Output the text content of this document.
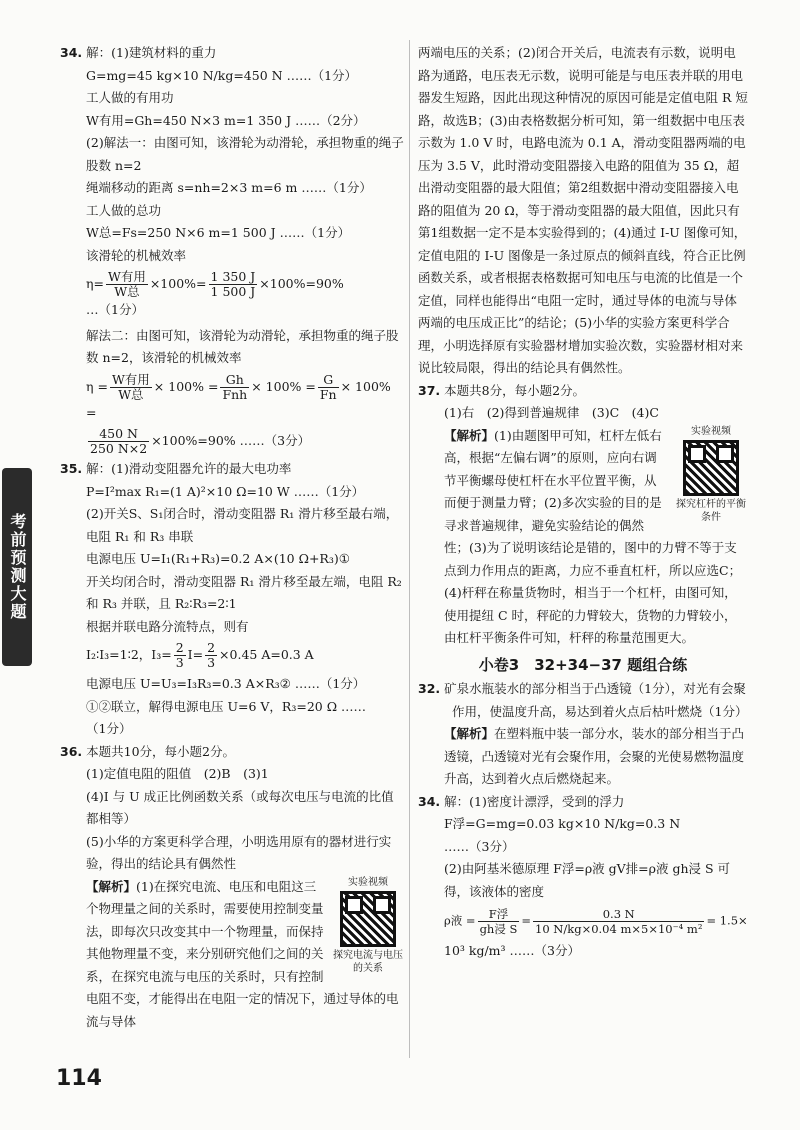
考前预测大题

34. 解：(1)建筑材料的重力

G=mg=45 kg×10 N/kg=450 N ……（1分）

工人做的有用功

W有用=Gh=450 N×3 m=1 350 J ……（2分）

(2)解法一：由图可知，该滑轮为动滑轮，承担物重的绳子股数 n=2

绳端移动的距离 s=nh=2×3 m=6 m ……（1分）

工人做的总功

W总=Fs=250 N×6 m=1 500 J ……（1分）

该滑轮的机械效率

$\eta= \frac{\text{W有用}}{\text{W总}} \times 100\%= \frac{1 350 J}{1 500 J} \times 100\%=90\%$ …（1分）

解法二：由图可知，该滑轮为动滑轮，承担物重的绳子股数 n=2，该滑轮的机械效率

$\eta = \frac{\text{W有用}}{\text{W总}} \times 100\% = \frac{Gh}{\text{Fnh}} \times 100\% = \frac{G}{Fn} \times 100\%$ =

$\frac{450 N}{250 N\times 2} \times 100\%=90\%$ ……（3分）

35. 解：(1)滑动变阻器允许的最大电功率

P=I²max R₁=(1 A)²×10 Ω=10 W ……（1分）

(2)开关S、S₁闭合时，滑动变阻器 R₁ 滑片移至最右端，电阻 R₁ 和 R₃ 串联

电源电压 U=I₁(R₁+R₃)=0.2 A×(10 Ω+R₃)①

开关均闭合时，滑动变阻器 R₁ 滑片移至最左端，电阻 R₂ 和 R₃ 并联，且 R₂∶R₃=2∶1

根据并联电路分流特点，则有

I₂∶I₃=1∶2，$I_3= \frac{2}{3} I= \frac{2}{3} \times 0.45$ A=0.3 A

电源电压 U=U₃=I₃R₃=0.3 A×R₃② ……（1分）

①②联立，解得电源电压 U=6 V，R₃=20 Ω …… （1分）

36. 本题共10分，每小题2分。

(1)定值电阻的阻值　(2)B　(3)1

(4)I 与 U 成正比例函数关系（或每次电压与电流的比值都相等）

(5)小华的方案更科学合理，小明选用原有的器材进行实验，得出的结论具有偶然性

实验视频
探究电流与电压的关系
【解析】(1)在探究电流、电压和电阻这三个物理量之间的关系时，需要使用控制变量法，即每次只改变其中一个物理量，而保持其他物理量不变，来分别研究他们之间的关系，在探究电流与电压的关系时，只有控制电阻不变，才能得出在电阻一定的情况下，通过导体的电流与导体

两端电压的关系；(2)闭合开关后，电流表有示数，说明电路为通路，电压表无示数，说明可能是与电压表并联的用电器发生短路，因此出现这种情况的原因可能是定值电阻 R 短路，故选B；(3)由表格数据分析可知，第一组数据中电压表示数为 1.0 V 时，电路电流为 0.1 A，滑动变阻器两端的电压为 3.5 V，此时滑动变阻器接入电路的阻值为 35 Ω，超出滑动变阻器的最大阻值；第2组数据中滑动变阻器接入电路的阻值为 20 Ω，等于滑动变阻器的最大阻值，因此只有第1组数据一定不是本实验得到的；(4)通过 I-U 图像可知，定值电阻的 I-U 图像是一条过原点的倾斜直线，符合正比例函数关系，或者根据表格数据可知电压与电流的比值是一个定值，同样也能得出“电阻一定时，通过导体的电流与导体两端的电压成正比”的结论；(5)小华的实验方案更科学合理，小明选择原有实验器材增加实验次数，实验器材相对来说比较局限，得出的结论具有偶然性。

37. 本题共8分，每小题2分。

(1)右　(2)得到普遍规律　(3)C　(4)C

实验视频
探究杠杆的平衡条件
【解析】(1)由题图甲可知，杠杆左低右高，根据“左偏右调”的原则，应向右调节平衡螺母使杠杆在水平位置平衡，从而便于测量力臂；(2)多次实验的目的是寻求普遍规律，避免实验结论的偶然性；(3)为了说明该结论是错的，图中的力臂不等于支点到力作用点的距离，力应不垂直杠杆，所以应选C；(4)杆秤在称量货物时，相当于一个杠杆，由图可知，使用提纽 C 时，秤砣的力臂较大，货物的力臂较小，由杠杆平衡条件可知，杆秤的称量范围更大。
小卷3　32+34−37 题组合练

32. 矿泉水瓶装水的部分相当于凸透镜（1分），对光有会聚作用，使温度升高，易达到着火点后枯叶燃烧（1分）

【解析】在塑料瓶中装一部分水，装水的部分相当于凸透镜，凸透镜对光有会聚作用，会聚的光使易燃物温度升高，达到着火点后燃烧起来。

34. 解：(1)密度计漂浮，受到的浮力

F浮=G=mg=0.03 kg×10 N/kg=0.3 N ……（3分）

(2)由阿基米德原理 F浮=ρ液 gV排=ρ液 gh浸 S 可得，该液体的密度

ρ液 = $\frac{\text{F浮}}{\text{gh浸 S}} = \frac{0.3 N}{\text{10 N/kg×0.04 m×5×10⁻⁴ m²}} = 1.5\times$

10³ kg/m³ ……（3分）

114
